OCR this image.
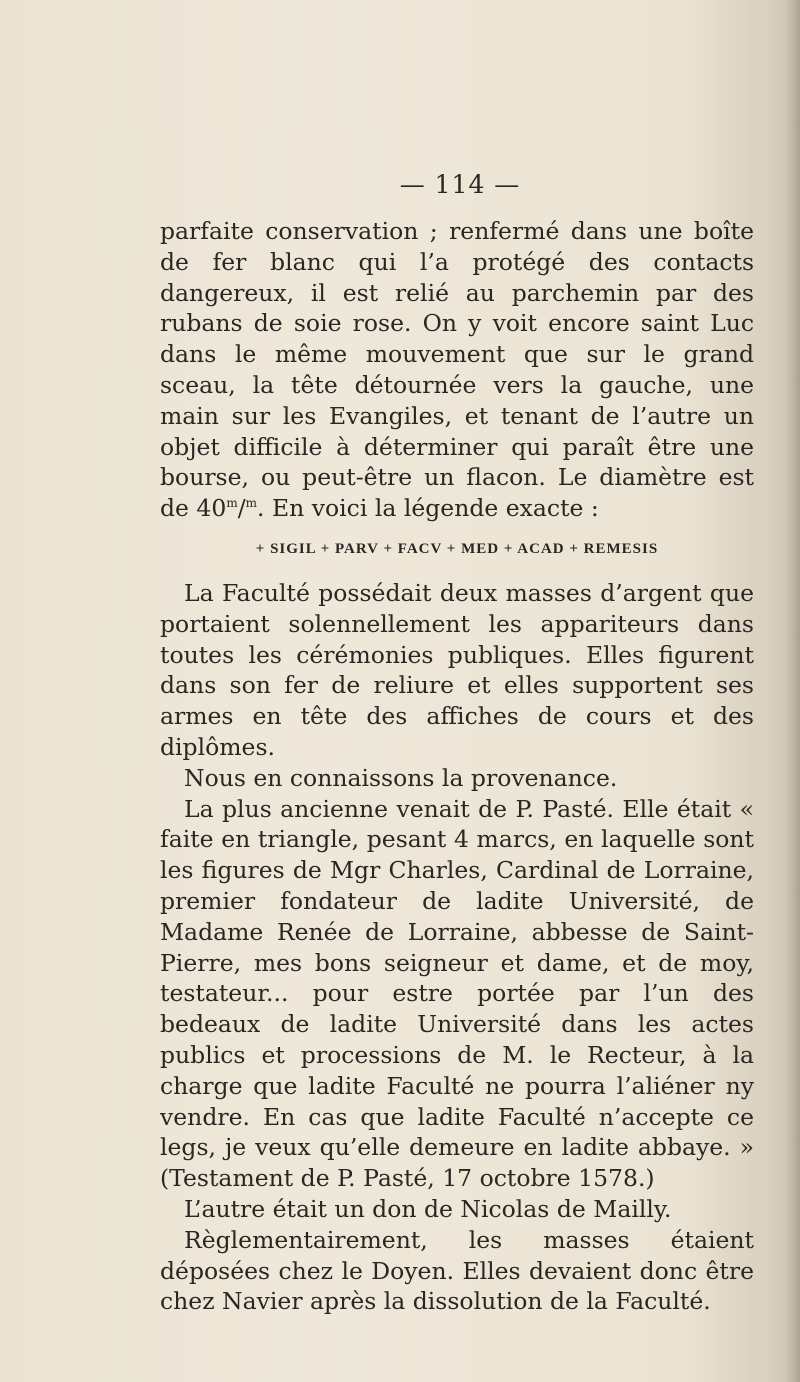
— 114 —

parfaite conservation ; renfermé dans une boîte de fer blanc qui l’a protégé des contacts dangereux, il est relié au parchemin par des rubans de soie rose. On y voit encore saint Luc dans le même mouvement que sur le grand sceau, la tête détournée vers la gauche, une main sur les Evangiles, et tenant de l’autre un objet difficile à déterminer qui paraît être une bourse, ou peut-être un flacon. Le diamètre est de 40$^m$/$^m$. En voici la légende exacte :

+ SIGIL + PARV + FACV + MED + ACAD + REMESIS

La Faculté possédait deux masses d’argent que portaient solennellement les appariteurs dans toutes les cérémonies publiques. Elles figurent dans son fer de reliure et elles supportent ses armes en tête des affiches de cours et des diplômes.

Nous en connaissons la provenance.

La plus ancienne venait de P. Pasté. Elle était « faite en triangle, pesant 4 marcs, en laquelle sont les figures de Mgr Charles, Cardinal de Lorraine, premier fondateur de ladite Université, de Madame Renée de Lorraine, abbesse de Saint-Pierre, mes bons seigneur et dame, et de moy, testateur... pour estre portée par l’un des bedeaux de ladite Université dans les actes publics et processions de M. le Recteur, à la charge que ladite Faculté ne pourra l’aliéner ny vendre. En cas que ladite Faculté n’accepte ce legs, je veux qu’elle demeure en ladite abbaye. » (Testament de P. Pasté, 17 octobre 1578.)

L’autre était un don de Nicolas de Mailly.

Règlementairement, les masses étaient déposées chez le Doyen. Elles devaient donc être chez Navier après la dissolution de la Faculté.
